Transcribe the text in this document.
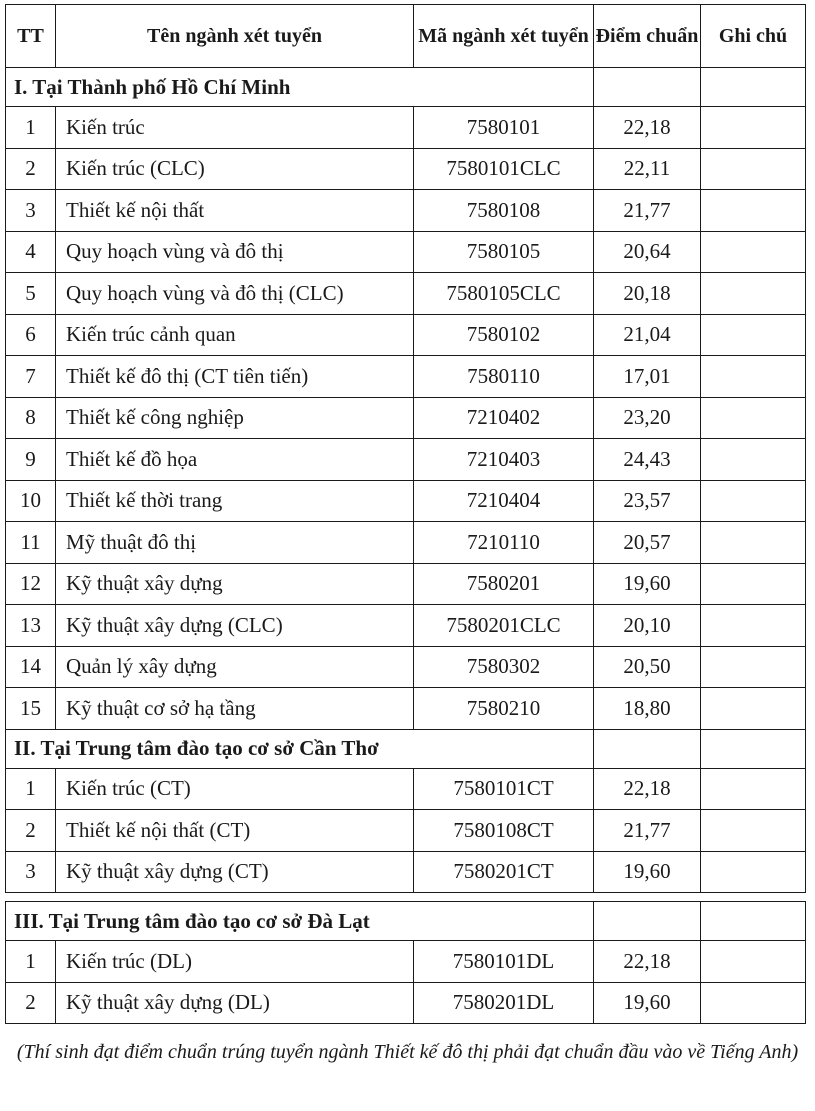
TT	Tên ngành xét tuyển	Mã ngành xét tuyển	Điểm chuẩn	Ghi chú
I. Tại Thành phố Hồ Chí Minh				
1	Kiến trúc	7580101	22,18	
2	Kiến trúc (CLC)	7580101CLC	22,11	
3	Thiết kế nội thất	7580108	21,77	
4	Quy hoạch vùng và đô thị	7580105	20,64	
5	Quy hoạch vùng và đô thị (CLC)	7580105CLC	20,18	
6	Kiến trúc cảnh quan	7580102	21,04	
7	Thiết kế đô thị (CT tiên tiến)	7580110	17,01	
8	Thiết kế công nghiệp	7210402	23,20	
9	Thiết kế đồ họa	7210403	24,43	
10	Thiết kế thời trang	7210404	23,57	
11	Mỹ thuật đô thị	7210110	20,57	
12	Kỹ thuật xây dựng	7580201	19,60	
13	Kỹ thuật xây dựng (CLC)	7580201CLC	20,10	
14	Quản lý xây dựng	7580302	20,50	
15	Kỹ thuật cơ sở hạ tầng	7580210	18,80	
II. Tại Trung tâm đào tạo cơ sở Cần Thơ				
1	Kiến trúc (CT)	7580101CT	22,18	
2	Thiết kế nội thất (CT)	7580108CT	21,77	
3	Kỹ thuật xây dựng (CT)	7580201CT	19,60	

III. Tại Trung tâm đào tạo cơ sở Đà Lạt				
1	Kiến trúc (DL)	7580101DL	22,18	
2	Kỹ thuật xây dựng (DL)	7580201DL	19,60	
(Thí sinh đạt điểm chuẩn trúng tuyển ngành Thiết kế đô thị phải đạt chuẩn đầu vào về Tiếng Anh)
